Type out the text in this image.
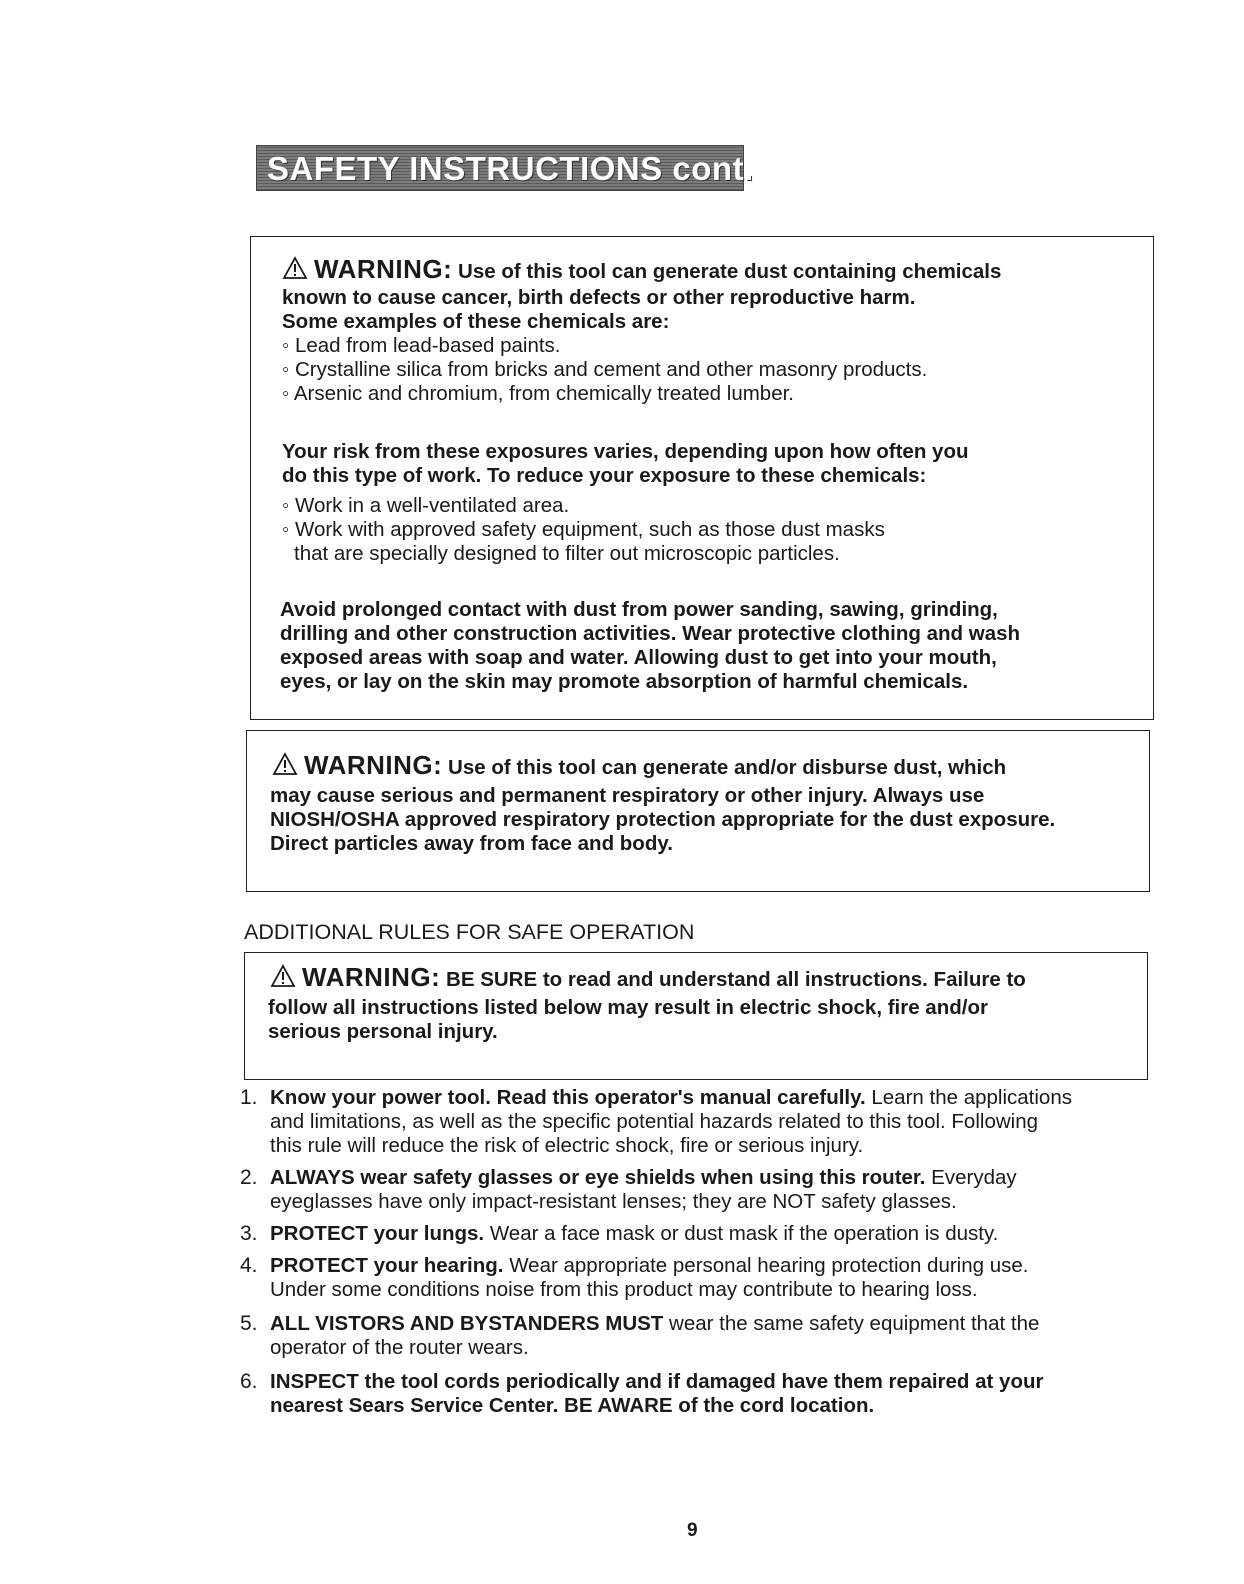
SAFETY INSTRUCTIONS cont.
WARNING: Use of this tool can generate dust containing chemicals
known to cause cancer, birth defects or other reproductive harm.
Some examples of these chemicals are:
◦ Lead from lead-based paints.
◦ Crystalline silica from bricks and cement and other masonry products.
◦ Arsenic and chromium, from chemically treated lumber.
Your risk from these exposures varies, depending upon how often you
do this type of work. To reduce your exposure to these chemicals:
◦ Work in a well-ventilated area.
◦ Work with approved safety equipment, such as those dust masks
that are specially designed to filter out microscopic particles.
Avoid prolonged contact with dust from power sanding, sawing, grinding,
drilling and other construction activities. Wear protective clothing and wash
exposed areas with soap and water. Allowing dust to get into your mouth,
eyes, or lay on the skin may promote absorption of harmful chemicals.
WARNING: Use of this tool can generate and/or disburse dust, which
may cause serious and permanent respiratory or other injury. Always use
NIOSH/OSHA approved respiratory protection appropriate for the dust exposure.
Direct particles away from face and body.
ADDITIONAL RULES FOR SAFE OPERATION
WARNING: BE SURE to read and understand all instructions. Failure to
follow all instructions listed below may result in electric shock, fire and/or
serious personal injury.
1. Know your power tool. Read this operator's manual carefully. Learn the applications
and limitations, as well as the specific potential hazards related to this tool. Following
this rule will reduce the risk of electric shock, fire or serious injury.
2. ALWAYS wear safety glasses or eye shields when using this router. Everyday
eyeglasses have only impact-resistant lenses; they are NOT safety glasses.
3. PROTECT your lungs. Wear a face mask or dust mask if the operation is dusty.
4. PROTECT your hearing. Wear appropriate personal hearing protection during use.
Under some conditions noise from this product may contribute to hearing loss.
5. ALL VISTORS AND BYSTANDERS MUST wear the same safety equipment that the
operator of the router wears.
6. INSPECT the tool cords periodically and if damaged have them repaired at your
nearest Sears Service Center. BE AWARE of the cord location.
9
